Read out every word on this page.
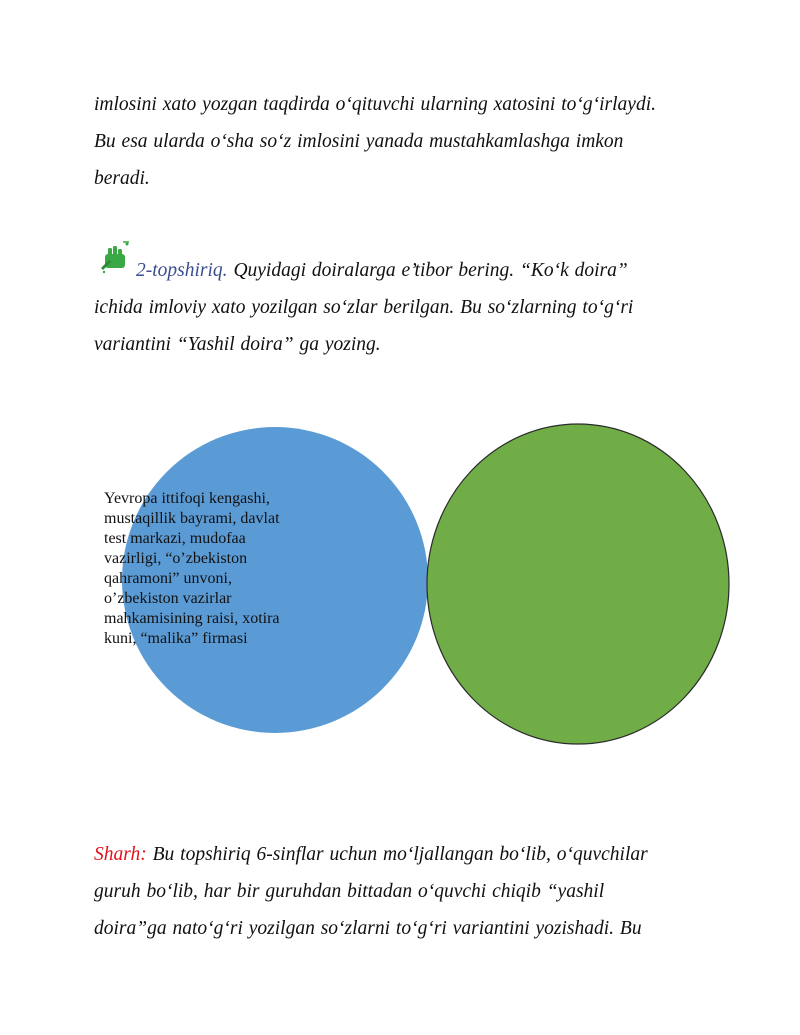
imlosini xato yozgan taqdirda o‘qituvchi ularning xatosini to‘g‘irlaydi.
Bu esa ularda o‘sha so‘z imlosini yanada mustahkamlashga imkon
beradi.

2-topshiriq. Quyidagi doiralarga e’tibor bering. “Ko‘k doira”
ichida imloviy xato yozilgan so‘zlar berilgan. Bu so‘zlarning to‘g‘ri
variantini “Yashil doira” ga yozing.

Yevropa ittifoqi kengashi,
mustaqillik bayrami, davlat
test markazi, mudofaa
vazirligi, “o’zbekiston
qahramoni” unvoni,
o’zbekiston vazirlar
mahkamisining raisi, xotira
kuni, “malika” firmasi

Sharh: Bu topshiriq 6-sinflar uchun mo‘ljallangan bo‘lib, o‘quvchilar
guruh bo‘lib, har bir guruhdan bittadan o‘quvchi chiqib “yashil
doira”ga nato‘g‘ri yozilgan so‘zlarni to‘g‘ri variantini yozishadi. Bu
